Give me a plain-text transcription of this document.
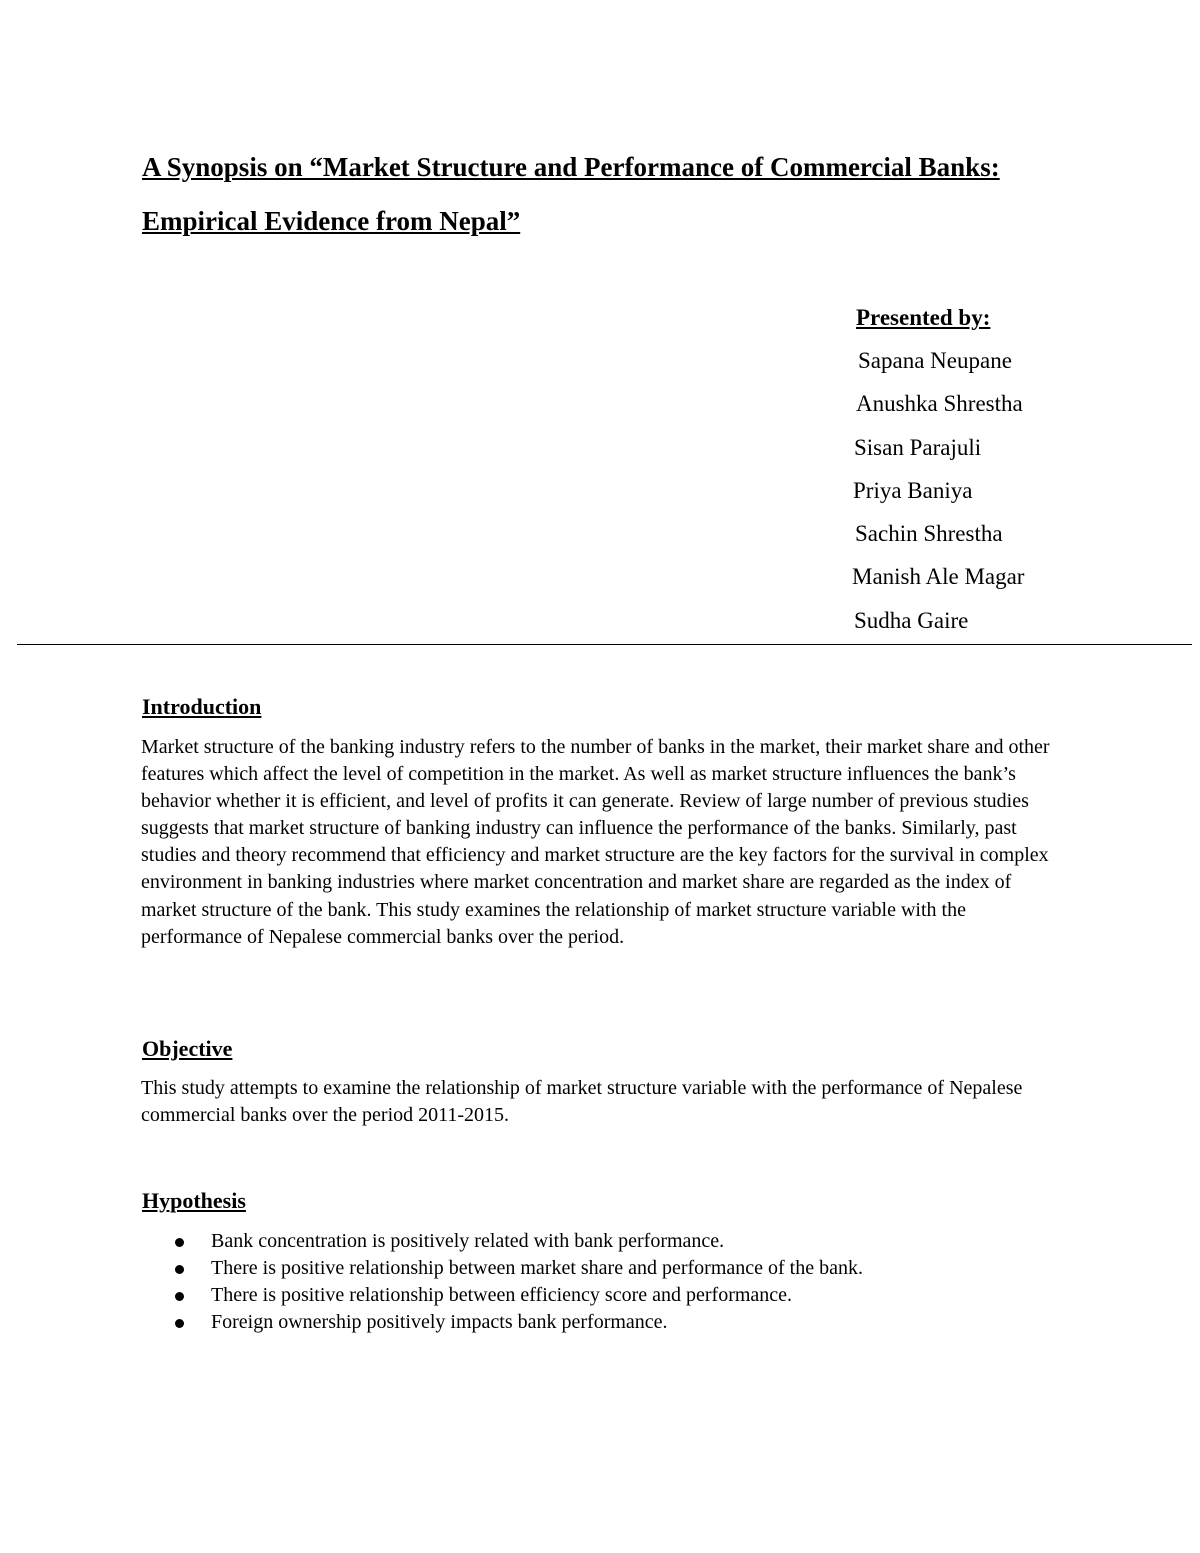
A Synopsis on “Market Structure and Performance of Commercial Banks: Empirical Evidence from Nepal”
Presented by:
Sapana Neupane
Anushka Shrestha
Sisan Parajuli
Priya Baniya
Sachin Shrestha
Manish Ale Magar
Sudha Gaire
Introduction

Market structure of the banking industry refers to the number of banks in the market, their market share and other features which affect the level of competition in the market. As well as market structure influences the bank’s behavior whether it is efficient, and level of profits it can generate. Review of large number of previous studies suggests that market structure of banking industry can influence the performance of the banks. Similarly, past studies and theory recommend that efficiency and market structure are the key factors for the survival in complex environment in banking industries where market concentration and market share are regarded as the index of market structure of the bank. This study examines the relationship of market structure variable with the performance of Nepalese commercial banks over the period.

Objective

This study attempts to examine the relationship of market structure variable with the performance of Nepalese commercial banks over the period 2011-2015.

Hypothesis
Bank concentration is positively related with bank performance.
There is positive relationship between market share and performance of the bank.
There is positive relationship between efficiency score and performance.
Foreign ownership positively impacts bank performance.
